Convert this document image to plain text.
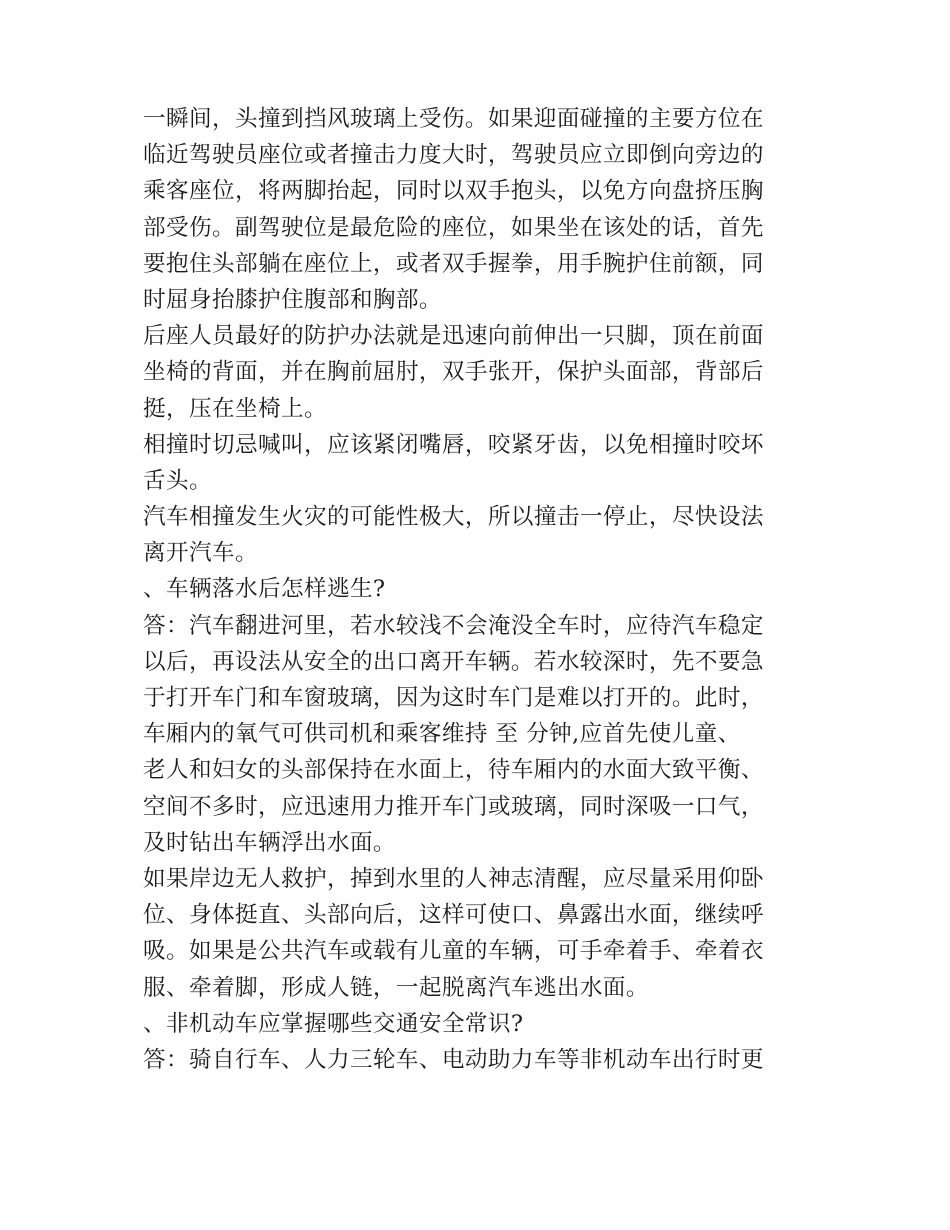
一瞬间，头撞到挡风玻璃上受伤。如果迎面碰撞的主要方位在
临近驾驶员座位或者撞击力度大时，驾驶员应立即倒向旁边的
乘客座位，将两脚抬起，同时以双手抱头，以免方向盘挤压胸
部受伤。副驾驶位是最危险的座位，如果坐在该处的话，首先
要抱住头部躺在座位上，或者双手握拳，用手腕护住前额，同
时屈身抬膝护住腹部和胸部。
后座人员最好的防护办法就是迅速向前伸出一只脚，顶在前面
坐椅的背面，并在胸前屈肘，双手张开，保护头面部，背部后
挺，压在坐椅上。
相撞时切忌喊叫，应该紧闭嘴唇，咬紧牙齿，以免相撞时咬坏
舌头。
汽车相撞发生火灾的可能性极大，所以撞击一停止，尽快设法
离开汽车。
、车辆落水后怎样逃生?
答：汽车翻进河里，若水较浅不会淹没全车时，应待汽车稳定
以后，再设法从安全的出口离开车辆。若水较深时，先不要急
于打开车门和车窗玻璃，因为这时车门是难以打开的。此时，
车厢内的氧气可供司机和乘客维持 至 分钟,应首先使儿童、
老人和妇女的头部保持在水面上，待车厢内的水面大致平衡、
空间不多时，应迅速用力推开车门或玻璃，同时深吸一口气，
及时钻出车辆浮出水面。
如果岸边无人救护，掉到水里的人神志清醒，应尽量采用仰卧
位、身体挺直、头部向后，这样可使口、鼻露出水面，继续呼
吸。如果是公共汽车或载有儿童的车辆，可手牵着手、牵着衣
服、牵着脚，形成人链，一起脱离汽车逃出水面。
、非机动车应掌握哪些交通安全常识?
答：骑自行车、人力三轮车、电动助力车等非机动车出行时更
